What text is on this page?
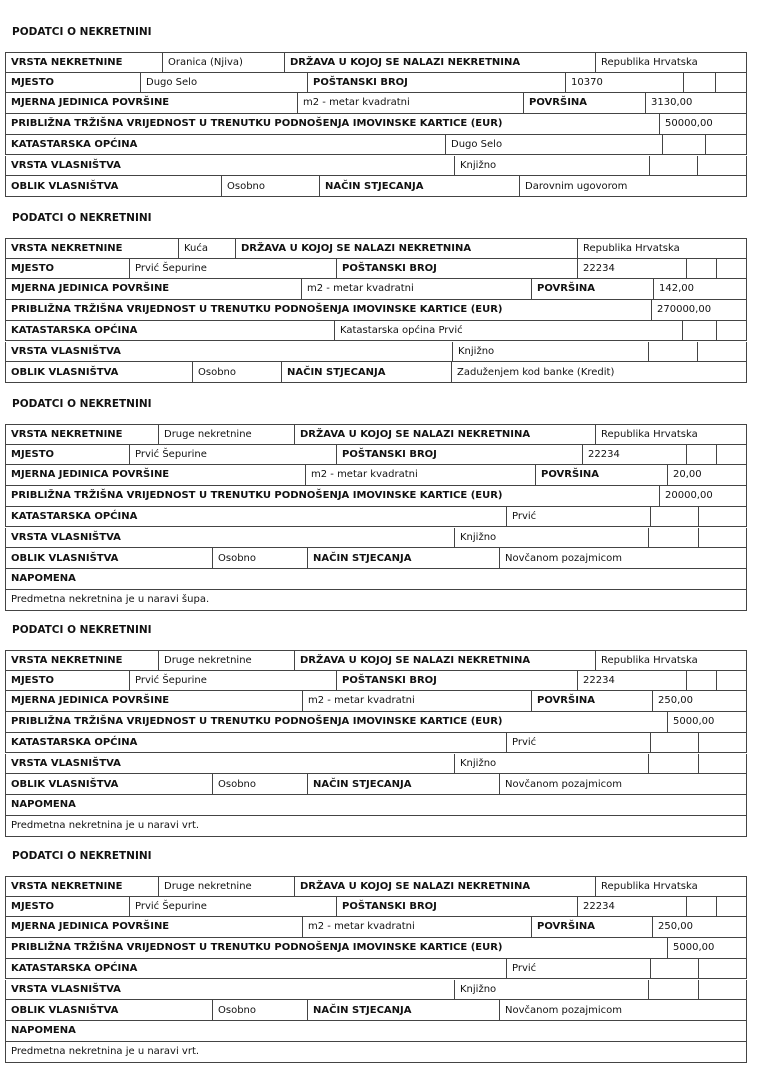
PODATCI O NEKRETNINI
VRSTA NEKRETNINE	Oranica (Njiva)	DRŽAVA U KOJOJ SE NALAZI NEKRETNINA	Republika Hrvatska
MJESTO	Dugo Selo	POŠTANSKI BROJ	10370
MJERNA JEDINICA POVRŠINE	m2 - metar kvadratni	POVRŠINA	3130,00
PRIBLIŽNA TRŽIŠNA VRIJEDNOST U TRENUTKU PODNOŠENJA IMOVINSKE KARTICE (EUR)	50000,00
KATASTARSKA OPĆINA	Dugo Selo
VRSTA VLASNIŠTVA	Knjižno
OBLIK VLASNIŠTVA	Osobno	NAČIN STJECANJA	Darovnim ugovorom
PODATCI O NEKRETNINI
VRSTA NEKRETNINE	Kuća	DRŽAVA U KOJOJ SE NALAZI NEKRETNINA	Republika Hrvatska
MJESTO	Prvić Šepurine	POŠTANSKI BROJ	22234
MJERNA JEDINICA POVRŠINE	m2 - metar kvadratni	POVRŠINA	142,00
PRIBLIŽNA TRŽIŠNA VRIJEDNOST U TRENUTKU PODNOŠENJA IMOVINSKE KARTICE (EUR)	270000,00
KATASTARSKA OPĆINA	Katastarska općina Prvić
VRSTA VLASNIŠTVA	Knjižno
OBLIK VLASNIŠTVA	Osobno	NAČIN STJECANJA	Zaduženjem kod banke (Kredit)
PODATCI O NEKRETNINI
VRSTA NEKRETNINE	Druge nekretnine	DRŽAVA U KOJOJ SE NALAZI NEKRETNINA	Republika Hrvatska
MJESTO	Prvić Šepurine	POŠTANSKI BROJ	22234
MJERNA JEDINICA POVRŠINE	m2 - metar kvadratni	POVRŠINA	20,00
PRIBLIŽNA TRŽIŠNA VRIJEDNOST U TRENUTKU PODNOŠENJA IMOVINSKE KARTICE (EUR)	20000,00
KATASTARSKA OPĆINA	Prvić
VRSTA VLASNIŠTVA	Knjižno
OBLIK VLASNIŠTVA	Osobno	NAČIN STJECANJA	Novčanom pozajmicom
NAPOMENA
Predmetna nekretnina je u naravi šupa.
PODATCI O NEKRETNINI
VRSTA NEKRETNINE	Druge nekretnine	DRŽAVA U KOJOJ SE NALAZI NEKRETNINA	Republika Hrvatska
MJESTO	Prvić Šepurine	POŠTANSKI BROJ	22234
MJERNA JEDINICA POVRŠINE	m2 - metar kvadratni	POVRŠINA	250,00
PRIBLIŽNA TRŽIŠNA VRIJEDNOST U TRENUTKU PODNOŠENJA IMOVINSKE KARTICE (EUR)	5000,00
KATASTARSKA OPĆINA	Prvić
VRSTA VLASNIŠTVA	Knjižno
OBLIK VLASNIŠTVA	Osobno	NAČIN STJECANJA	Novčanom pozajmicom
NAPOMENA
Predmetna nekretnina je u naravi vrt.
PODATCI O NEKRETNINI
VRSTA NEKRETNINE	Druge nekretnine	DRŽAVA U KOJOJ SE NALAZI NEKRETNINA	Republika Hrvatska
MJESTO	Prvić Šepurine	POŠTANSKI BROJ	22234
MJERNA JEDINICA POVRŠINE	m2 - metar kvadratni	POVRŠINA	250,00
PRIBLIŽNA TRŽIŠNA VRIJEDNOST U TRENUTKU PODNOŠENJA IMOVINSKE KARTICE (EUR)	5000,00
KATASTARSKA OPĆINA	Prvić
VRSTA VLASNIŠTVA	Knjižno
OBLIK VLASNIŠTVA	Osobno	NAČIN STJECANJA	Novčanom pozajmicom
NAPOMENA
Predmetna nekretnina je u naravi vrt.
